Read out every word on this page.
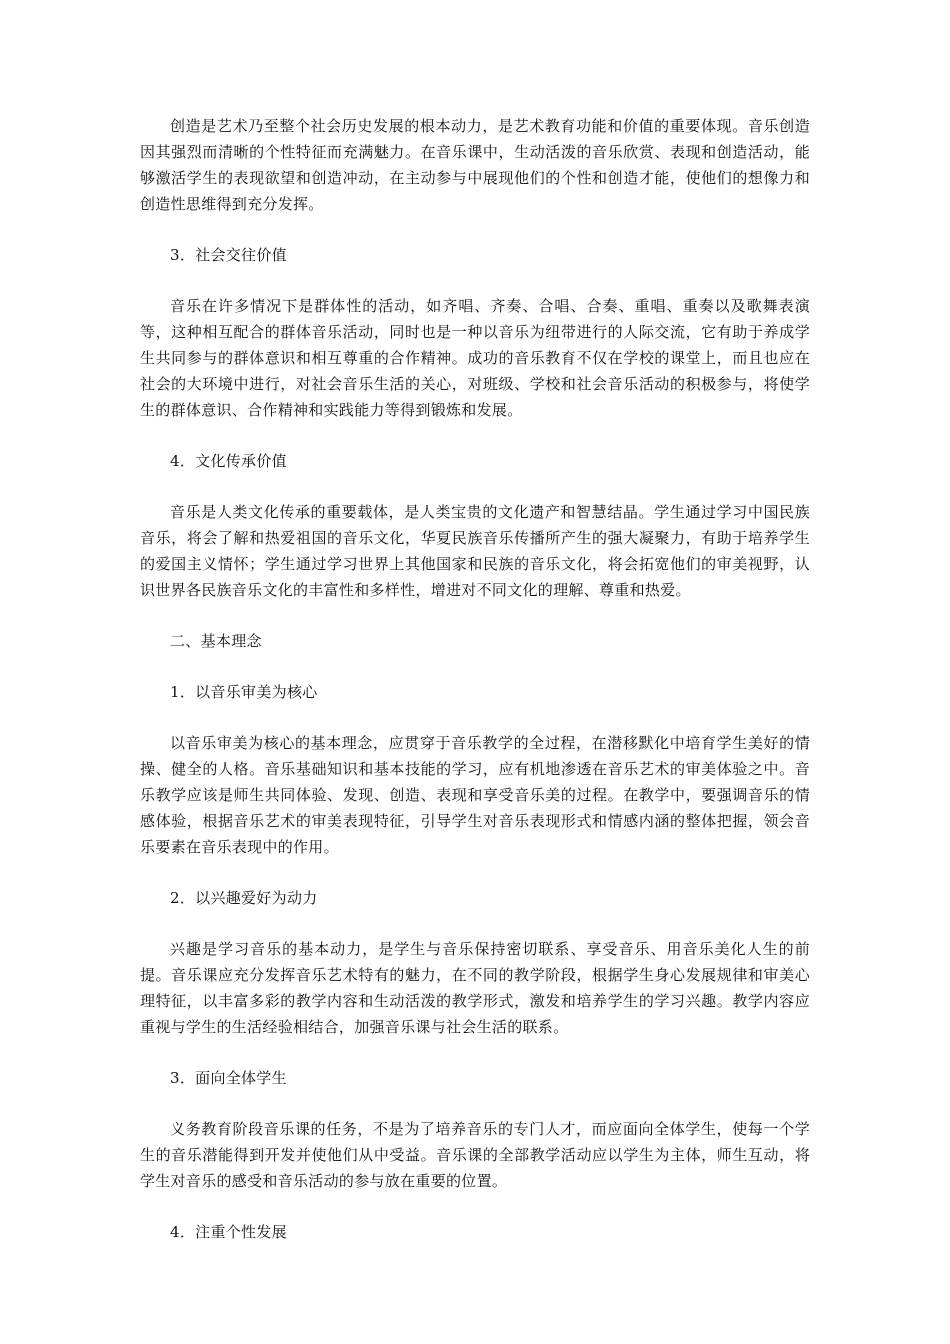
创造是艺术乃至整个社会历史发展的根本动力，是艺术教育功能和价值的重要体现。音乐创造因其强烈而清晰的个性特征而充满魅力。在音乐课中，生动活泼的音乐欣赏、表现和创造活动，能够激活学生的表现欲望和创造冲动，在主动参与中展现他们的个性和创造才能，使他们的想像力和创造性思维得到充分发挥。

3．社会交往价值

音乐在许多情况下是群体性的活动，如齐唱、齐奏、合唱、合奏、重唱、重奏以及歌舞表演等，这种相互配合的群体音乐活动，同时也是一种以音乐为纽带进行的人际交流，它有助于养成学生共同参与的群体意识和相互尊重的合作精神。成功的音乐教育不仅在学校的课堂上，而且也应在社会的大环境中进行，对社会音乐生活的关心，对班级、学校和社会音乐活动的积极参与，将使学生的群体意识、合作精神和实践能力等得到锻炼和发展。

4．文化传承价值

音乐是人类文化传承的重要载体，是人类宝贵的文化遗产和智慧结晶。学生通过学习中国民族音乐，将会了解和热爱祖国的音乐文化，华夏民族音乐传播所产生的强大凝聚力，有助于培养学生的爱国主义情怀；学生通过学习世界上其他国家和民族的音乐文化，将会拓宽他们的审美视野，认识世界各民族音乐文化的丰富性和多样性，增进对不同文化的理解、尊重和热爱。

二、基本理念

1．以音乐审美为核心

以音乐审美为核心的基本理念，应贯穿于音乐教学的全过程，在潜移默化中培育学生美好的情操、健全的人格。音乐基础知识和基本技能的学习，应有机地渗透在音乐艺术的审美体验之中。音乐教学应该是师生共同体验、发现、创造、表现和享受音乐美的过程。在教学中，要强调音乐的情感体验，根据音乐艺术的审美表现特征，引导学生对音乐表现形式和情感内涵的整体把握，领会音乐要素在音乐表现中的作用。

2．以兴趣爱好为动力

兴趣是学习音乐的基本动力，是学生与音乐保持密切联系、享受音乐、用音乐美化人生的前提。音乐课应充分发挥音乐艺术特有的魅力，在不同的教学阶段，根据学生身心发展规律和审美心理特征，以丰富多彩的教学内容和生动活泼的教学形式，激发和培养学生的学习兴趣。教学内容应重视与学生的生活经验相结合，加强音乐课与社会生活的联系。

3．面向全体学生

义务教育阶段音乐课的任务，不是为了培养音乐的专门人才，而应面向全体学生，使每一个学生的音乐潜能得到开发并使他们从中受益。音乐课的全部教学活动应以学生为主体，师生互动，将学生对音乐的感受和音乐活动的参与放在重要的位置。

4．注重个性发展
